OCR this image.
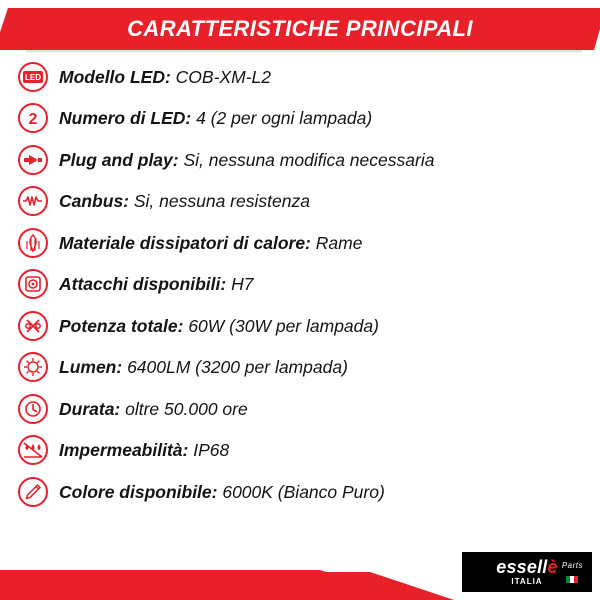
CARATTERISTICHE PRINCIPALI
LED Modello LED: COB-XM-L2
2 Numero di LED: 4 (2 per ogni lampada)
Plug and play: Si, nessuna modifica necessaria
Canbus: Si, nessuna resistenza
Materiale dissipatori di calore: Rame
Attacchi disponibili: H7
Potenza totale: 60W (30W per lampada)
Lumen: 6400LM (3200 per lampada)
Durata: oltre 50.000 ore
Impermeabilità: IP68
Colore disponibile: 6000K (Bianco Puro)
essellè
ITALIA
Parts
